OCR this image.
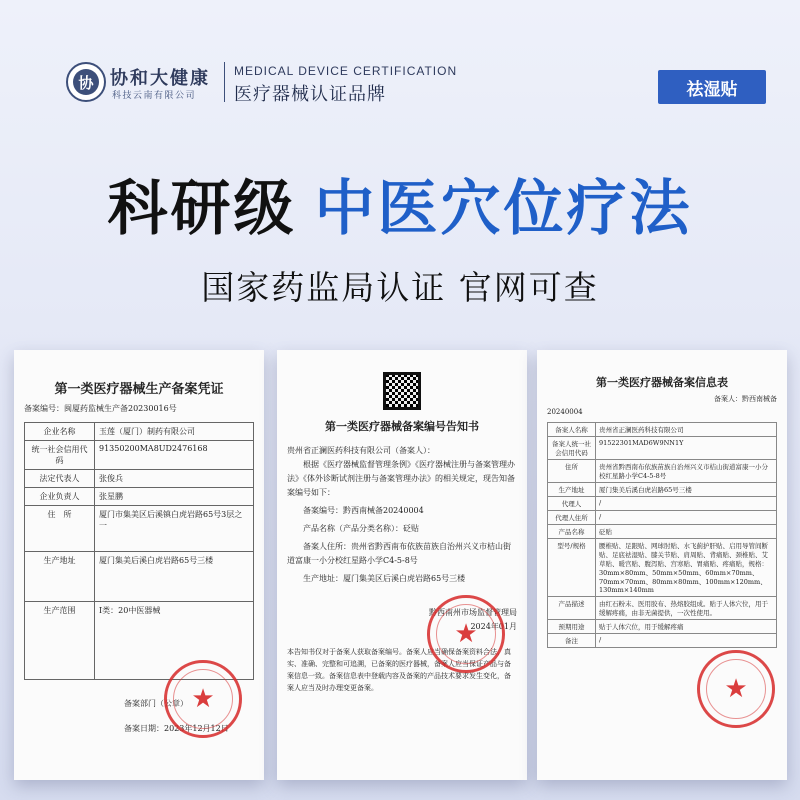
协 协和大健康
科技云南有限公司
MEDICAL DEVICE CERTIFICATION
医疗器械认证品牌	祛湿贴
科研级 中医穴位疗法
国家药监局认证 官网可查
第一类医疗器械生产备案凭证
备案编号：闽厦药监械生产备20230016号
企业名称	玉莲（厦门）制药有限公司
统一社会信用代码	91350200MA8UD2476168
法定代表人	张俊兵
企业负责人	张星鹏
住　所	厦门市集美区后溪镇白虎岩路65号3层之一
生产地址	厦门集美后溪白虎岩路65号三楼
生产范围	Ⅰ类：20中医器械
备案部门（公章）
备案日期：2023年12月12日
★
第一类医疗器械备案编号告知书
贵州省正澜医药科技有限公司（备案人）：

根据《医疗器械监督管理条例》《医疗器械注册与备案管理办法》《体外诊断试剂注册与备案管理办法》的相关规定，现告知备案编号如下：

备案编号：黔西南械备20240004

产品名称（产品分类名称）：砭贴

备案人住所：贵州省黔西南布依族苗族自治州兴义市桔山街道富康一小分校红星路小学C4-5-8号

生产地址：厦门集美区后溪白虎岩路65号三楼

黔西南州市场监督管理局
2024年01月
本告知书仅对于备案人获取备案编号。备案人应当确保备案资料合法、真实、准确、完整和可追溯，已备案的医疗器械，备案人应当保证产品与备案信息一致。备案信息表中登载内容及备案的产品技术要求发生变化，备案人应当及时办理变更备案。
★
第一类医疗器械备案信息表
备案人：黔西南械备
20240004
备案人名称	贵州省正澜医药科技有限公司
备案人统一社会信用代码	91522301MAD6W9NN1Y
住所	贵州省黔西南布依族苗族自治州兴义市桔山街道富康一小分校红星路小学C4-5-8号
生产地址	厦门集美后溪白虎岩路65号三楼
代理人	/
代理人住所	/
产品名称	砭贴
型号/规格	腰椎贴、足跟贴、网球肘贴、水飞蓟护肝贴、启用导管间断贴、足底祛湿贴、膝关节贴、肩周贴、背痛贴、颈椎贴、艾草贴、暖宫贴、腹泻贴、宫寒贴、胃痛贴、疼痛贴，规格：30mm×80mm、50mm×50mm、60mm×70mm、70mm×70mm、80mm×80mm、100mm×120mm、130mm×140mm
产品描述	由红石粉末、医用胶布、热熔胶组成。贴于人体穴位，用于缓解疼痛，由非无菌提供，一次性使用。
预期用途	贴于人体穴位，用于缓解疼痛
备注	/
★
